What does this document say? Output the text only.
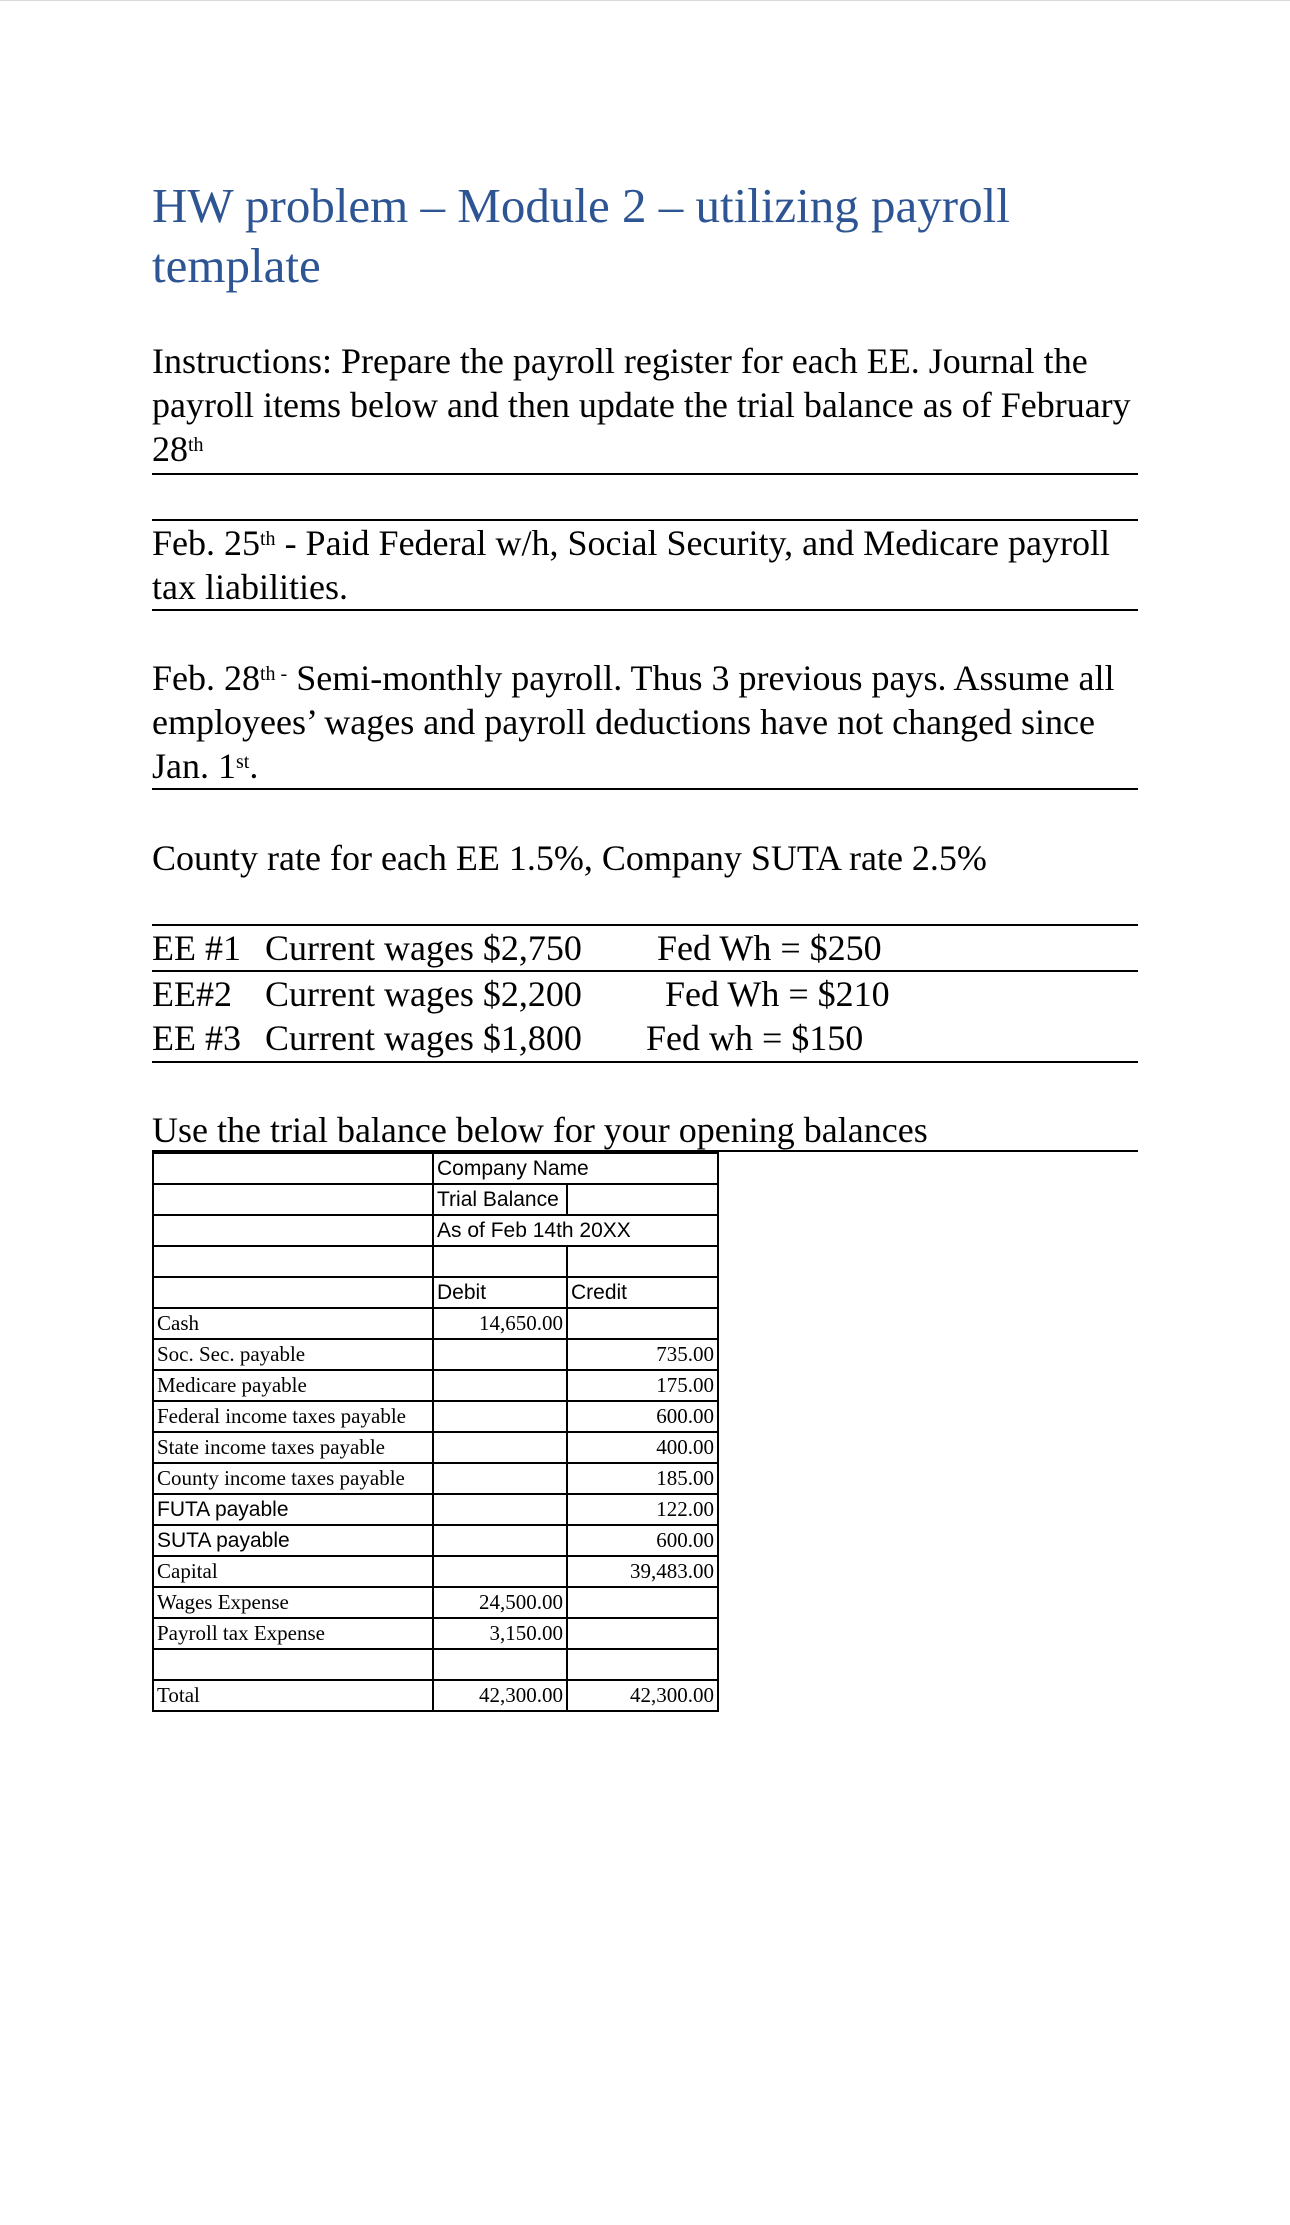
HW problem – Module 2 – utilizing payroll template
Instructions: Prepare the payroll register for each EE. Journal the payroll items below and then update the trial balance as of February 28th
Feb. 25th - Paid Federal w/h, Social Security, and Medicare payroll tax liabilities.
Feb. $28^{th -}$ Semi-monthly payroll. Thus 3 previous pays. Assume all employees’ wages and payroll deductions have not changed since Jan. 1st.
County rate for each EE 1.5%, Company SUTA rate 2.5%
EE #1 Current wages $2,750 Fed Wh = $250
EE#2 Current wages $2,200 Fed Wh = $210
EE #3 Current wages $1,800 Fed wh = $150
Use the trial balance below for your opening balances
	Company Name	
	Trial Balance	
	As of Feb 14th 20XX	

	Debit	Credit
Cash	14,650.00	
Soc. Sec. payable		735.00
Medicare payable		175.00
Federal income taxes payable		600.00
State income taxes payable		400.00
County income taxes payable		185.00
FUTA payable		122.00
SUTA payable		600.00
Capital		39,483.00
Wages Expense	24,500.00	
Payroll tax Expense	3,150.00	

Total	42,300.00	42,300.00
